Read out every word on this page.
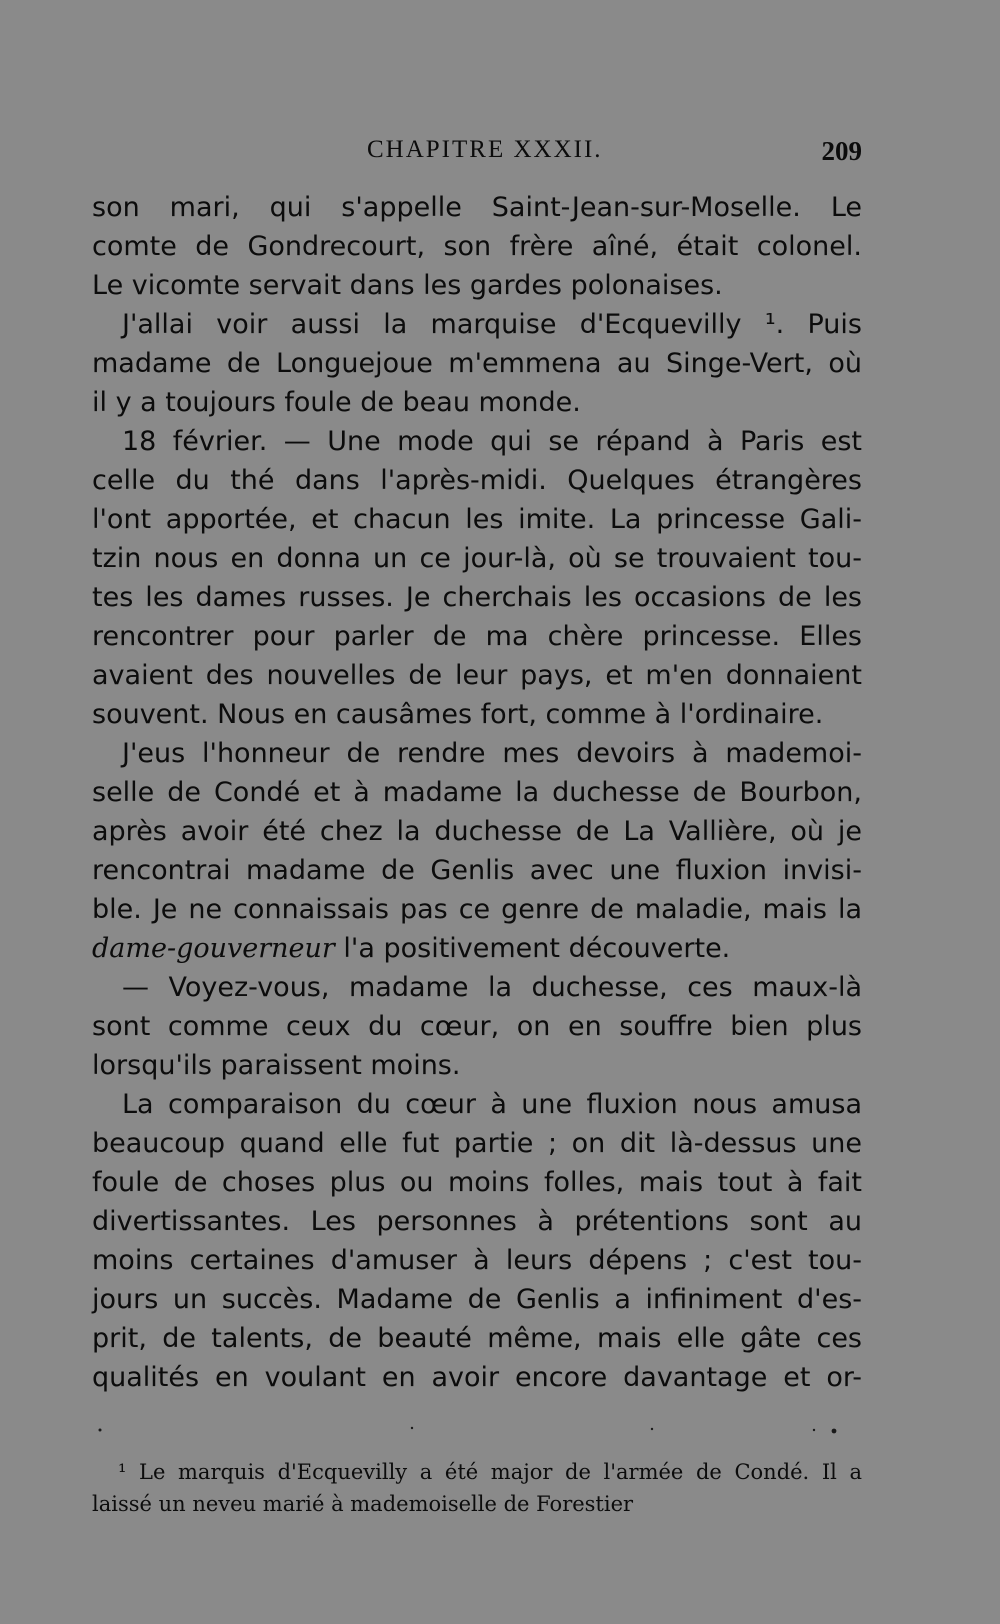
CHAPITRE XXXII.	209
son mari, qui s'appelle Saint-Jean-sur-Moselle. Le
comte de Gondrecourt, son frère aîné, était colonel.
Le vicomte servait dans les gardes polonaises.
J'allai voir aussi la marquise d'Ecquevilly ¹. Puis
madame de Longuejoue m'emmena au Singe-Vert, où
il y a toujours foule de beau monde.
18 février. — Une mode qui se répand à Paris est
celle du thé dans l'après-midi. Quelques étrangères
l'ont apportée, et chacun les imite. La princesse Gali-
tzin nous en donna un ce jour-là, où se trouvaient tou-
tes les dames russes. Je cherchais les occasions de les
rencontrer pour parler de ma chère princesse. Elles
avaient des nouvelles de leur pays, et m'en donnaient
souvent. Nous en causâmes fort, comme à l'ordinaire.
J'eus l'honneur de rendre mes devoirs à mademoi-
selle de Condé et à madame la duchesse de Bourbon,
après avoir été chez la duchesse de La Vallière, où je
rencontrai madame de Genlis avec une fluxion invisi-
ble. Je ne connaissais pas ce genre de maladie, mais la
dame-gouverneur l'a positivement découverte.
— Voyez-vous, madame la duchesse, ces maux-là
sont comme ceux du cœur, on en souffre bien plus
lorsqu'ils paraissent moins.
La comparaison du cœur à une fluxion nous amusa
beaucoup quand elle fut partie ; on dit là-dessus une
foule de choses plus ou moins folles, mais tout à fait
divertissantes. Les personnes à prétentions sont au
moins certaines d'amuser à leurs dépens ; c'est tou-
jours un succès. Madame de Genlis a infiniment d'es-
prit, de talents, de beauté même, mais elle gâte ces
qualités en voulant en avoir encore davantage et or-
¹ Le marquis d'Ecquevilly a été major de l'armée de Condé. Il a
laissé un neveu marié à mademoiselle de Forestier
